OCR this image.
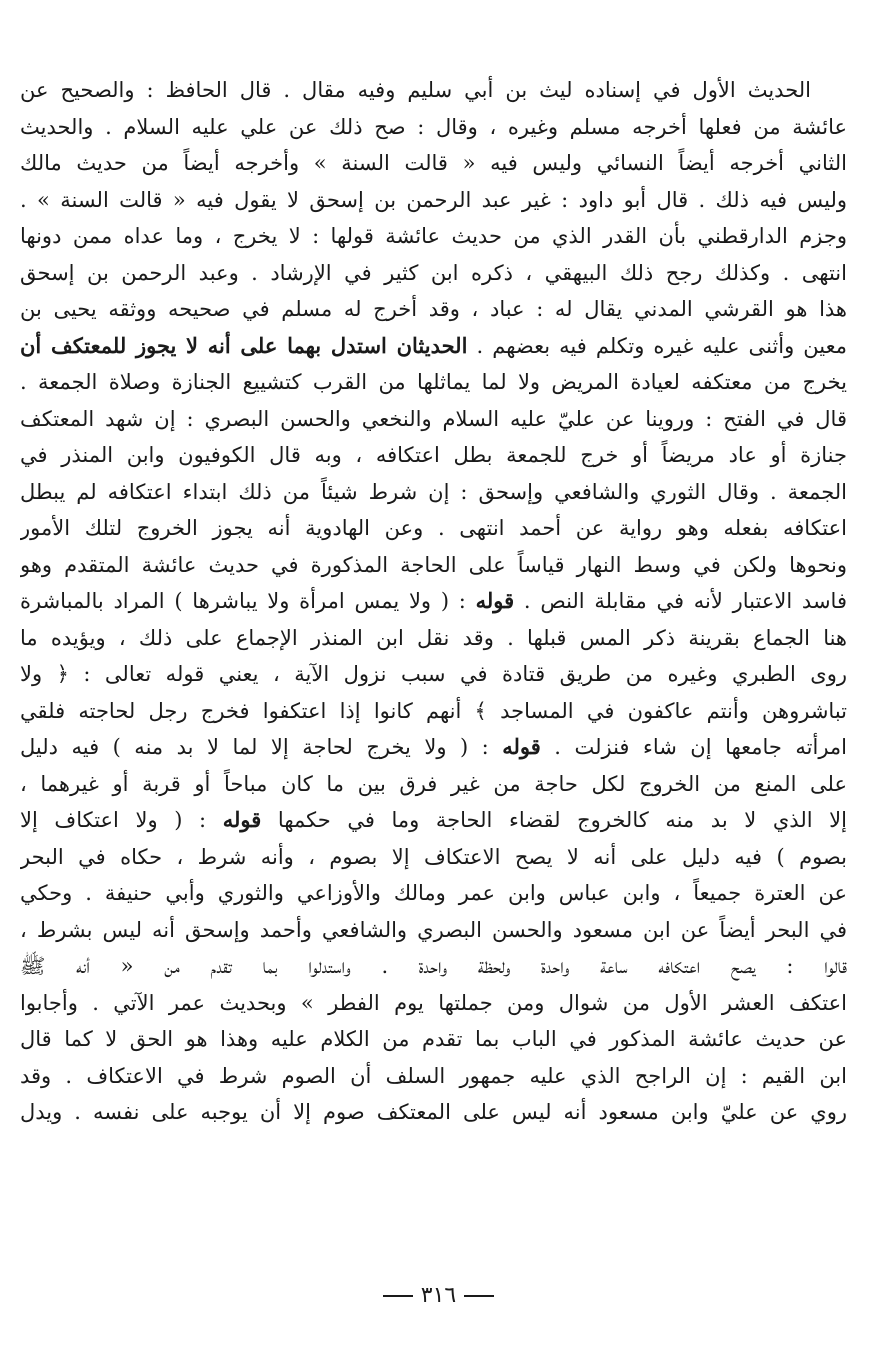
الحديث الأول في إسناده ليث بن أبي سليم وفيه مقال . قال الحافظ : والصحيح عن
عائشة من فعلها أخرجه مسلم وغيره ، وقال : صح ذلك عن علي عليه السلام . والحديث
الثاني أخرجه أيضاً النسائي وليس فيه « قالت السنة » وأخرجه أيضاً من حديث مالك
وليس فيه ذلك . قال أبو داود : غير عبد الرحمن بن إسحق لا يقول فيه « قالت السنة » .
وجزم الدارقطني بأن القدر الذي من حديث عائشة قولها : لا يخرج ، وما عداه ممن دونها
انتهى . وكذلك رجح ذلك البيهقي ، ذكره ابن كثير في الإرشاد . وعبد الرحمن بن إسحق
هذا هو القرشي المدني يقال له : عباد ، وقد أخرج له مسلم في صحيحه ووثقه يحيى بن
معين وأثنى عليه غيره وتكلم فيه بعضهم . الحديثان استدل بهما على أنه لا يجوز للمعتكف أن
يخرج من معتكفه لعيادة المريض ولا لما يماثلها من القرب كتشييع الجنازة وصلاة الجمعة .
قال في الفتح : وروينا عن عليّ عليه السلام والنخعي والحسن البصري : إن شهد المعتكف
جنازة أو عاد مريضاً أو خرج للجمعة بطل اعتكافه ، وبه قال الكوفيون وابن المنذر في
الجمعة . وقال الثوري والشافعي وإسحق : إن شرط شيئاً من ذلك ابتداء اعتكافه لم يبطل
اعتكافه بفعله وهو رواية عن أحمد انتهى . وعن الهادوية أنه يجوز الخروج لتلك الأمور
ونحوها ولكن في وسط النهار قياساً على الحاجة المذكورة في حديث عائشة المتقدم وهو
فاسد الاعتبار لأنه في مقابلة النص . قوله : ( ولا يمس امرأة ولا يباشرها ) المراد بالمباشرة
هنا الجماع بقرينة ذكر المس قبلها . وقد نقل ابن المنذر الإجماع على ذلك ، ويؤيده ما
روى الطبري وغيره من طريق قتادة في سبب نزول الآية ، يعني قوله تعالى : ﴿ ولا
تباشروهن وأنتم عاكفون في المساجد ﴾ أنهم كانوا إذا اعتكفوا فخرج رجل لحاجته فلقي
امرأته جامعها إن شاء فنزلت . قوله : ( ولا يخرج لحاجة إلا لما لا بد منه ) فيه دليل
على المنع من الخروج لكل حاجة من غير فرق بين ما كان مباحاً أو قربة أو غيرهما ،
إلا الذي لا بد منه كالخروج لقضاء الحاجة وما في حكمها قوله : ( ولا اعتكاف إلا
بصوم ) فيه دليل على أنه لا يصح الاعتكاف إلا بصوم ، وأنه شرط ، حكاه في البحر
عن العترة جميعاً ، وابن عباس وابن عمر ومالك والأوزاعي والثوري وأبي حنيفة . وحكي
في البحر أيضاً عن ابن مسعود والحسن البصري والشافعي وأحمد وإسحق أنه ليس بشرط ،
قالوا : يصح اعتكافه ساعة واحدة ولحظة واحدة . واستدلوا بما تقدم من « أنه ﷺ
اعتكف العشر الأول من شوال ومن جملتها يوم الفطر » وبحديث عمر الآتي . وأجابوا
عن حديث عائشة المذكور في الباب بما تقدم من الكلام عليه وهذا هو الحق لا كما قال
ابن القيم : إن الراجح الذي عليه جمهور السلف أن الصوم شرط في الاعتكاف . وقد
روي عن عليّ وابن مسعود أنه ليس على المعتكف صوم إلا أن يوجبه على نفسه . ويدل
٣١٦
